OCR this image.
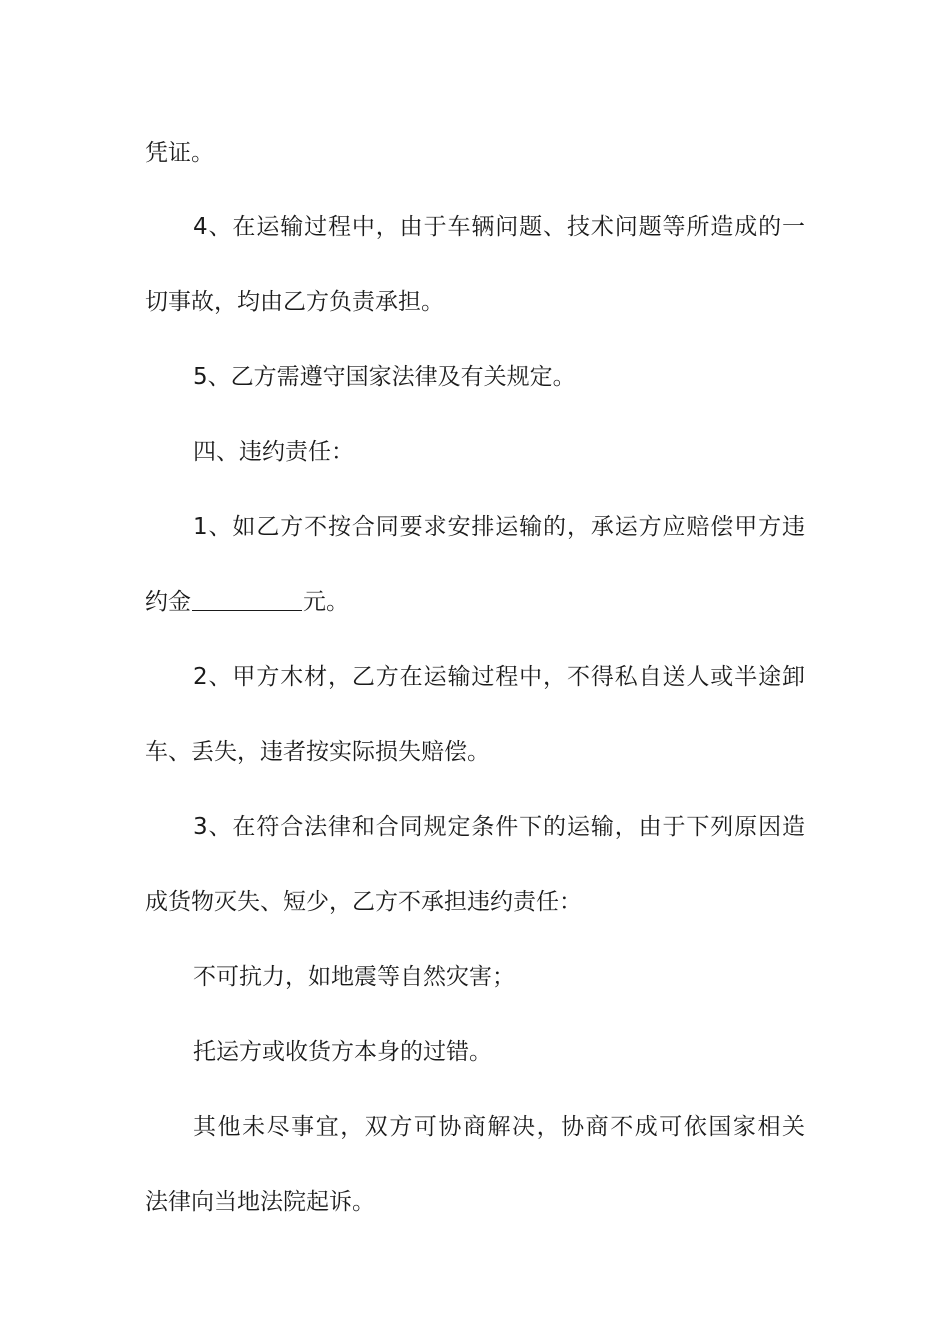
凭证。
4、在运输过程中，由于车辆问题、技术问题等所造成的一
切事故，均由乙方负责承担。
5、乙方需遵守国家法律及有关规定。
四、违约责任：
1、如乙方不按合同要求安排运输的，承运方应赔偿甲方违
约金	元。
2、甲方木材，乙方在运输过程中，不得私自送人或半途卸
车、丢失，违者按实际损失赔偿。
3、在符合法律和合同规定条件下的运输，由于下列原因造
成货物灭失、短少，乙方不承担违约责任：
不可抗力，如地震等自然灾害；
托运方或收货方本身的过错。
其他未尽事宜，双方可协商解决，协商不成可依国家相关
法律向当地法院起诉。
